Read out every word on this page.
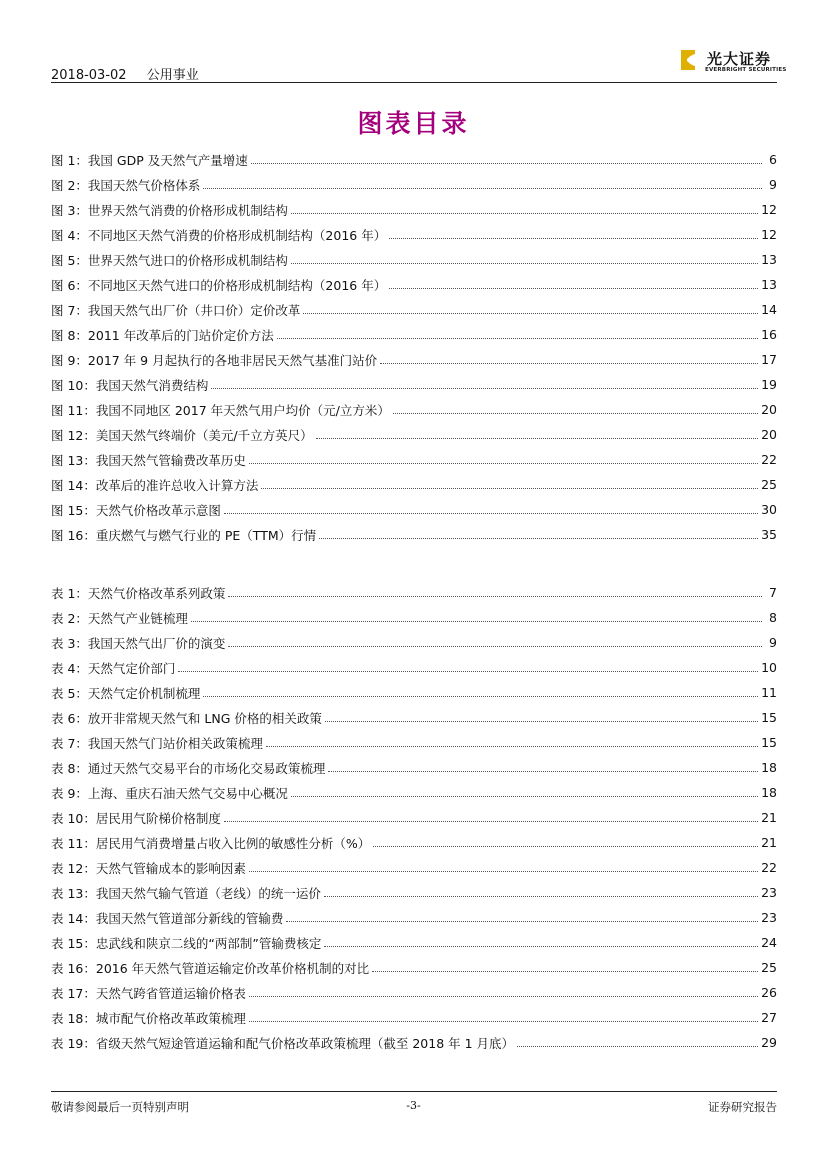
2018-03-02 公用事业
光大证券
EVERBRIGHT SECURITIES
图表目录
图 1：我国 GDP 及天然气产量增速	6
图 2：我国天然气价格体系	9
图 3：世界天然气消费的价格形成机制结构	12
图 4：不同地区天然气消费的价格形成机制结构（2016 年）	12
图 5：世界天然气进口的价格形成机制结构	13
图 6：不同地区天然气进口的价格形成机制结构（2016 年）	13
图 7：我国天然气出厂价（井口价）定价改革	14
图 8：2011 年改革后的门站价定价方法	16
图 9：2017 年 9 月起执行的各地非居民天然气基准门站价	17
图 10：我国天然气消费结构	19
图 11：我国不同地区 2017 年天然气用户均价（元/立方米）	20
图 12：美国天然气终端价（美元/千立方英尺）	20
图 13：我国天然气管输费改革历史	22
图 14：改革后的准许总收入计算方法	25
图 15：天然气价格改革示意图	30
图 16：重庆燃气与燃气行业的 PE（TTM）行情	35
表 1：天然气价格改革系列政策	7
表 2：天然气产业链梳理	8
表 3：我国天然气出厂价的演变	9
表 4：天然气定价部门	10
表 5：天然气定价机制梳理	11
表 6：放开非常规天然气和 LNG 价格的相关政策	15
表 7：我国天然气门站价相关政策梳理	15
表 8：通过天然气交易平台的市场化交易政策梳理	18
表 9：上海、重庆石油天然气交易中心概况	18
表 10：居民用气阶梯价格制度	21
表 11：居民用气消费增量占收入比例的敏感性分析（%）	21
表 12：天然气管输成本的影响因素	22
表 13：我国天然气输气管道（老线）的统一运价	23
表 14：我国天然气管道部分新线的管输费	23
表 15：忠武线和陕京二线的“两部制”管输费核定	24
表 16：2016 年天然气管道运输定价改革价格机制的对比	25
表 17：天然气跨省管道运输价格表	26
表 18：城市配气价格改革政策梳理	27
表 19：省级天然气短途管道运输和配气价格改革政策梳理（截至 2018 年 1 月底）	29
敬请参阅最后一页特别声明	-3-	证券研究报告
